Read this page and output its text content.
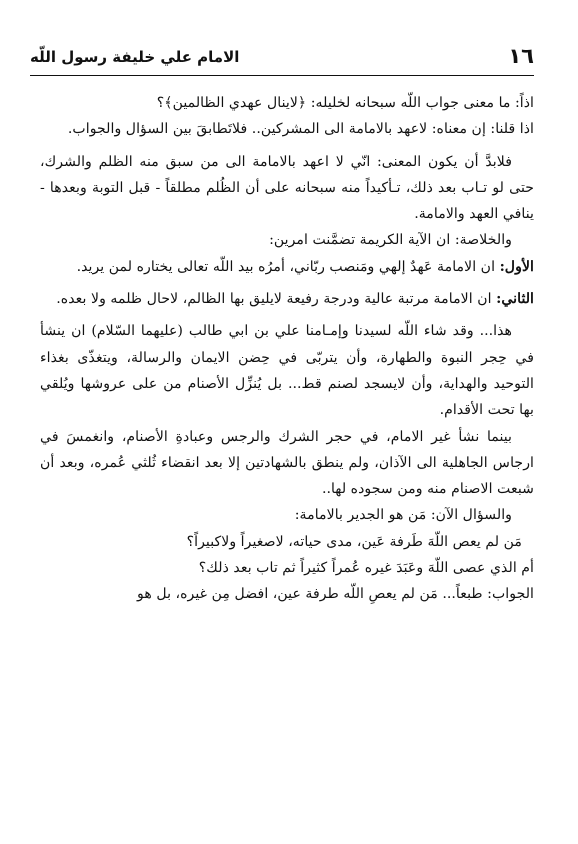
١٦
الامام علي خليفة رسول اللّه

اذاً: ما معنى جواب اللّه سبحانه لخليله: ﴿لاينال عهدي الظالمين﴾؟

اذا قلنا: إن معناه: لاعهد بالامامة الى المشركين.. فلاتَطابقَ بين السؤال والجواب.

فلابدَّ أن يكون المعنى: انّي لا اعهد بالامامة الى من سبق منه الظلم والشرك، حتى لو تـاب بعد ذلك، تـأكيداً منه سبحانه على أن الظُلم مطلقاً - قبل التوبة وبعدها - ينافي العهد والامامة.

والخلاصة: ان الآية الكريمة تضمَّنت امرين:

الأول: ان الامامة عَهدٌ إلهي ومَنصب ربّاني، أمرُه بيد اللّه تعالى يختاره لمن يريد.

الثاني: ان الامامة مرتبة عالية ودرجة رفيعة لايليق بها الظالم، لاحال ظلمه ولا بعده.

هذا... وقد شاء اللّه لسيدنا وإمـامنا علي بن ابي طالب (عليهما السّلام) ان ينشأ في حِجر النبوة والطهارة، وأن يتربّى في حِضن الايمان والرسالة، ويتغذّى بغذاء التوحيد والهداية، وأن لايسجد لصنم قط... بل يُنزِّل الأصنام من على عروشها ويُلقي بها تحت الأقدام.

بينما نشأ غير الامام، في حجر الشرك والرجس وعبادةِ الأصنام، وانغمسَ في ارجاس الجاهلية الى الآذان، ولم ينطق بالشهادتين إلا بعد انقضاء ثُلثي عُمره، وبعد أن شبعت الاصنام منه ومن سجوده لها..

والسؤال الآن: مَن هو الجدير بالامامة:

مَن لم يعص اللّهَ طَرفة عَين، مدى حياته، لاصغيراً ولاكبيراً؟

أم الذي عصى اللّهَ وعَبَدَ غيره عُمراً كثيراً ثم تاب بعد ذلك؟

الجواب: طبعاً... مَن لم يعصِ اللّه طرفة عين، افضل مِن غيره، بل هو
